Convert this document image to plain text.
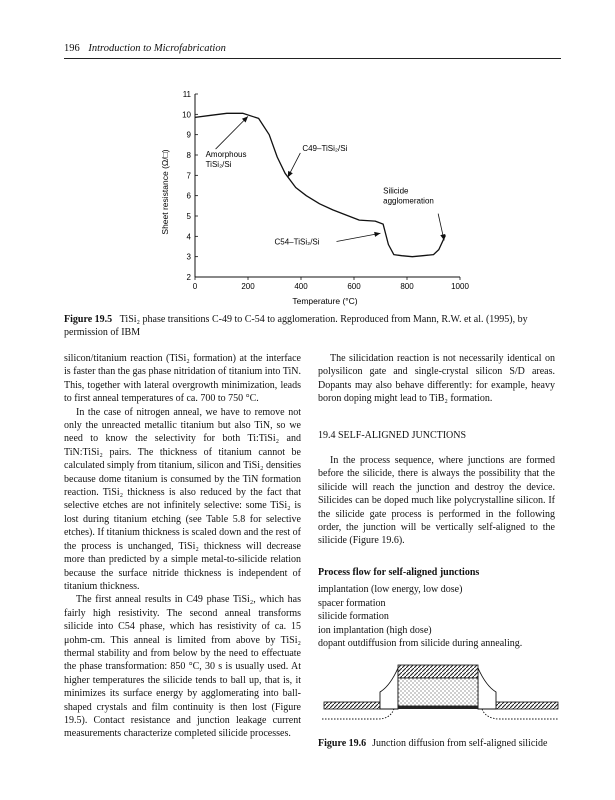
196 Introduction to Microfabrication
0	200	400	600	800	1000
2
3
4
5
6
7
8
9
10
11
Amorphous
TiSi₂/Si
C49–TiSi₂/Si
Silicide
agglomeration
C54–TiSi₂/Si
Temperature (°C)
Sheet resistance (Ω/□)
Figure 19.5 TiSi₂ phase transitions C-49 to C-54 to agglomeration. Reproduced from Mann, R.W. et al. (1995), by permission of IBM

silicon/titanium reaction (TiSi₂ formation) at the interface is faster than the gas phase nitridation of titanium into TiN. This, together with lateral overgrowth minimization, leads to first anneal temperatures of ca. 700 to 750 °C.

In the case of nitrogen anneal, we have to remove not only the unreacted metallic titanium but also TiN, so we need to know the selectivity for both Ti:TiSi₂ and TiN:TiSi₂ pairs. The thickness of titanium cannot be calculated simply from titanium, silicon and TiSi₂ densities because dome titanium is consumed by the TiN formation reaction. TiSi₂ thickness is also reduced by the fact that selective etches are not infinitely selective: some TiSi₂ is lost during titanium etching (see Table 5.8 for selective etches). If titanium thickness is scaled down and the rest of the process is unchanged, TiSi₂ thickness will decrease more than predicted by a simple metal-to-silicide relation because the surface nitride thickness is independent of titanium thickness.

The first anneal results in C49 phase TiSi₂, which has fairly high resistivity. The second anneal transforms silicide into C54 phase, which has resistivity of ca. 15 μohm-cm. This anneal is limited from above by TiSi₂ thermal stability and from below by the need to effectuate the phase transformation: 850 °C, 30 s is usually used. At higher temperatures the silicide tends to ball up, that is, it minimizes its surface energy by agglomerating into ball-shaped crystals and film continuity is then lost (Figure 19.5). Contact resistance and junction leakage current measurements characterize completed silicide processes.

The silicidation reaction is not necessarily identical on polysilicon gate and single-crystal silicon S/D areas. Dopants may also behave differently: for example, heavy boron doping might lead to TiB₂ formation.

19.4 SELF-ALIGNED JUNCTIONS

In the process sequence, where junctions are formed before the silicide, there is always the possibility that the silicide will reach the junction and destroy the device. Silicides can be doped much like polycrystalline silicon. If the silicide gate process is performed in the following order, the junction will be vertically self-aligned to the silicide (Figure 19.6).

Process flow for self-aligned junctions
implantation (low energy, low dose)
spacer formation
silicide formation
ion implantation (high dose)
dopant outdiffusion from silicide during annealing.
Figure 19.6 Junction diffusion from self-aligned silicide
